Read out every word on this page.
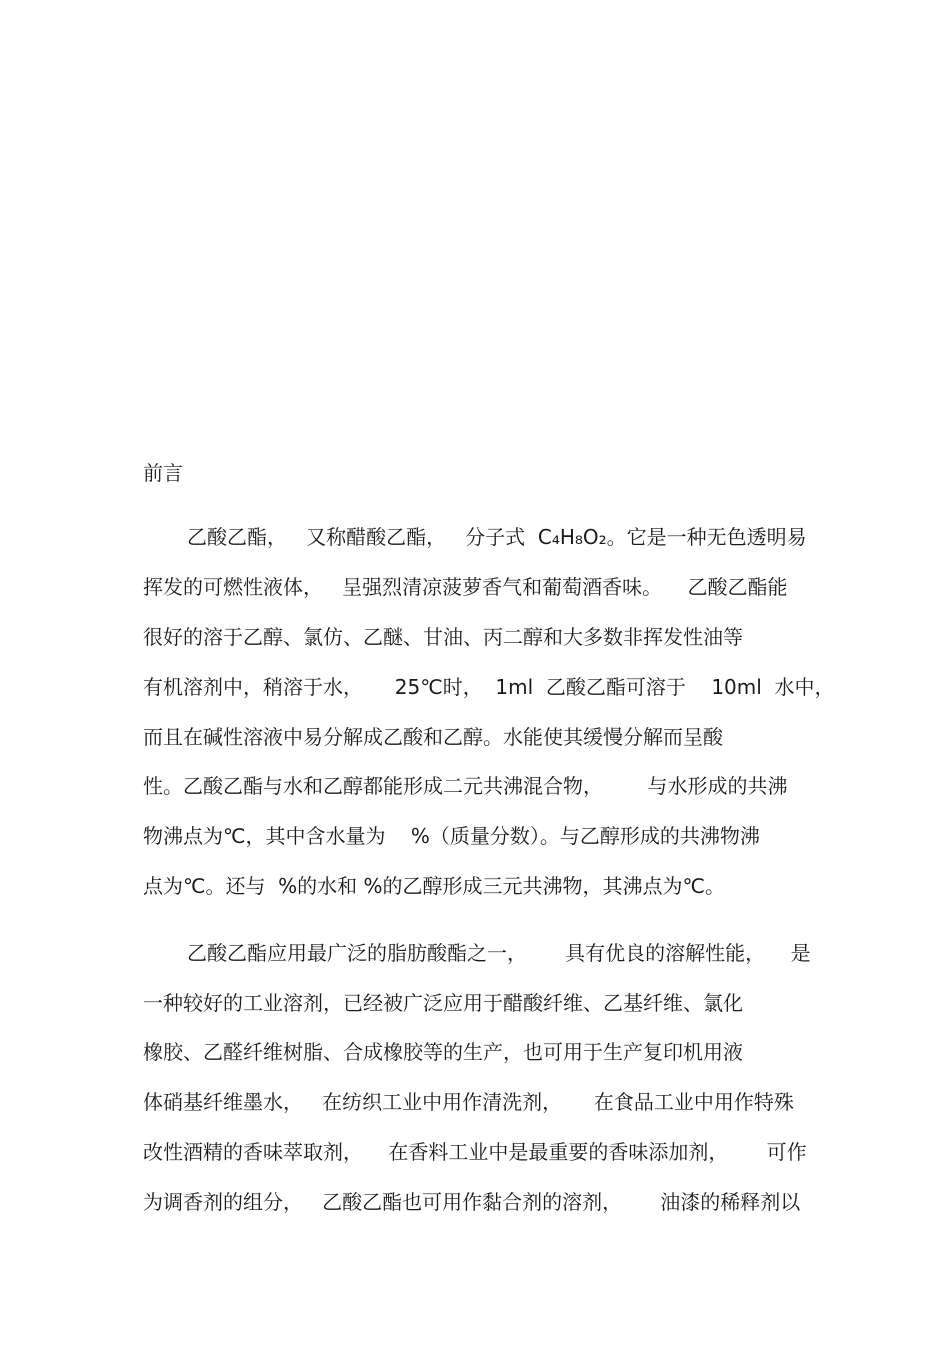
前言
乙酸乙酯，   又称醋酸乙酯，   分子式  C₄H₈O₂。它是一种无色透明易
挥发的可燃性液体，   呈强烈清凉菠萝香气和葡萄酒香味。    乙酸乙酯能
很好的溶于乙醇、氯仿、乙醚、甘油、丙二醇和大多数非挥发性油等
有机溶剂中，稍溶于水，     25℃时，  1ml  乙酸乙酯可溶于    10ml  水中，
而且在碱性溶液中易分解成乙酸和乙醇。水能使其缓慢分解而呈酸
性。乙酸乙酯与水和乙醇都能形成二元共沸混合物，       与水形成的共沸
物沸点为℃，其中含水量为    %（质量分数）。与乙醇形成的共沸物沸
点为℃。还与  %的水和 %的乙醇形成三元共沸物，其沸点为℃。
乙酸乙酯应用最广泛的脂肪酸酯之一，      具有优良的溶解性能，    是
一种较好的工业溶剂，已经被广泛应用于醋酸纤维、乙基纤维、氯化
橡胶、乙醛纤维树脂、合成橡胶等的生产，也可用于生产复印机用液
体硝基纤维墨水，   在纺织工业中用作清洗剂，     在食品工业中用作特殊
改性酒精的香味萃取剂，    在香料工业中是最重要的香味添加剂，      可作
为调香剂的组分，   乙酸乙酯也可用作黏合剂的溶剂，      油漆的稀释剂以
